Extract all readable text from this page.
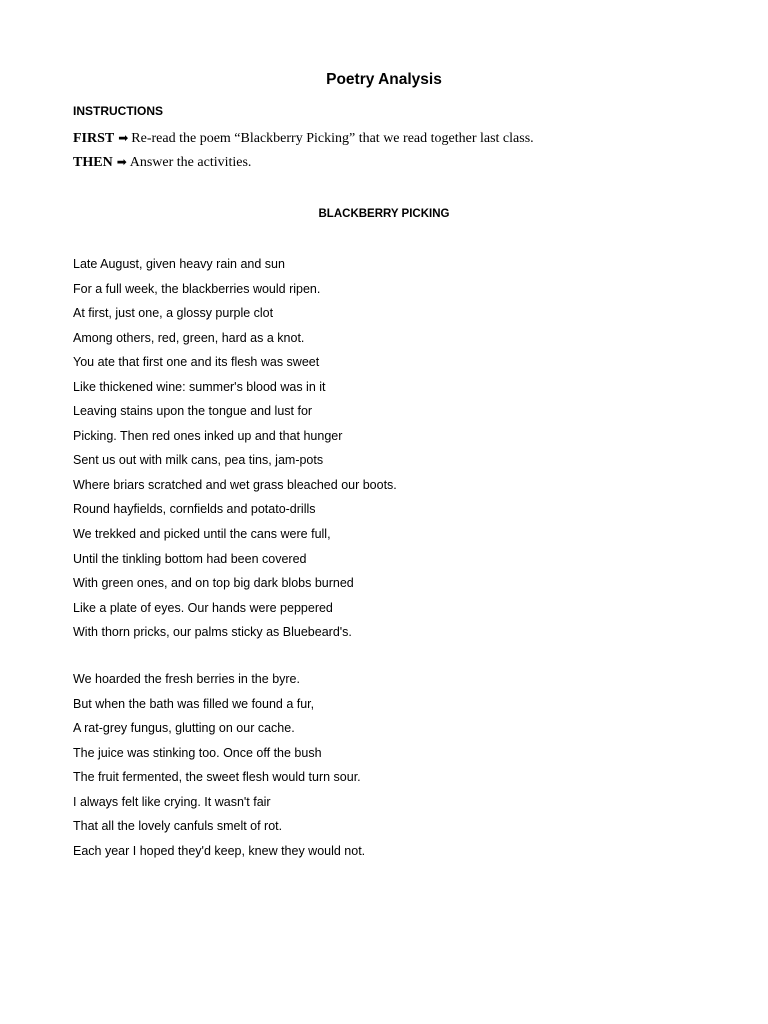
Poetry Analysis
INSTRUCTIONS
FIRST ➡ Re-read the poem “Blackberry Picking” that we read together last class.
THEN ➡ Answer the activities.
BLACKBERRY PICKING
Late August, given heavy rain and sun
For a full week, the blackberries would ripen.
At first, just one, a glossy purple clot
Among others, red, green, hard as a knot.
You ate that first one and its flesh was sweet
Like thickened wine: summer's blood was in it
Leaving stains upon the tongue and lust for
Picking. Then red ones inked up and that hunger
Sent us out with milk cans, pea tins, jam-pots
Where briars scratched and wet grass bleached our boots.
Round hayfields, cornfields and potato-drills
We trekked and picked until the cans were full,
Until the tinkling bottom had been covered
With green ones, and on top big dark blobs burned
Like a plate of eyes. Our hands were peppered
With thorn pricks, our palms sticky as Bluebeard's.
We hoarded the fresh berries in the byre.
But when the bath was filled we found a fur,
A rat-grey fungus, glutting on our cache.
The juice was stinking too. Once off the bush
The fruit fermented, the sweet flesh would turn sour.
I always felt like crying. It wasn't fair
That all the lovely canfuls smelt of rot.
Each year I hoped they'd keep, knew they would not.
